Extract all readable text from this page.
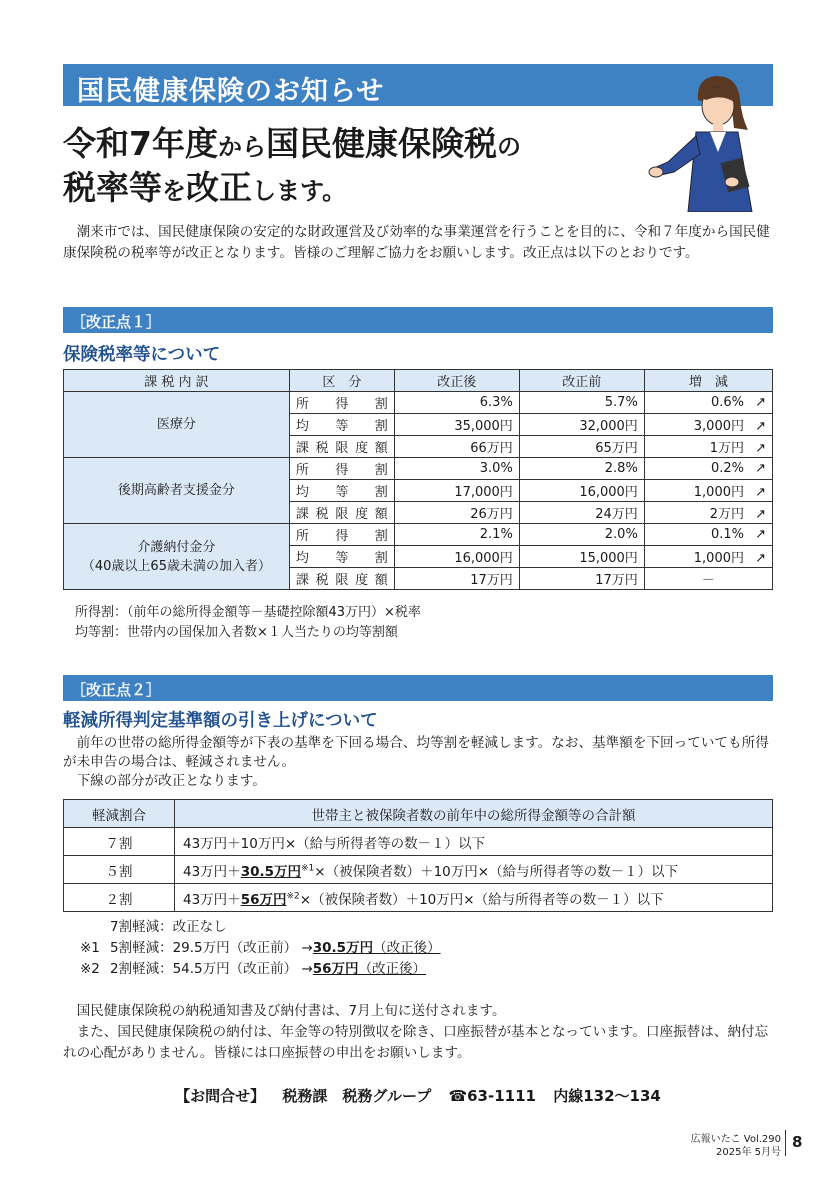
国民健康保険のお知らせ
令和7年度から国民健康保険税の
税率等を改正します。

潮来市では、国民健康保険の安定的な財政運営及び効率的な事業運営を行うことを目的に、令和７年度から国民健康保険税の税率等が改正となります。皆様のご理解ご協力をお願いします。改正点は以下のとおりです。

［改正点１］
保険税率等について
課 税 内 訳	区　分	改正後	改正前	増　減

医療分	所得割	6.3%	5.7%	0.6% ↗
	均等割	35,000円	32,000円	3,000円 ↗
	課税限度額	66万円	65万円	1万円 ↗

後期高齢者支援金分	所得割	3.0%	2.8%	0.2% ↗
	均等割	17,000円	16,000円	1,000円 ↗
	課税限度額	26万円	24万円	2万円 ↗

介護納付金分
（40歳以上65歳未満の加入者）	所得割	2.1%	2.0%	0.1% ↗
	均等割	16,000円	15,000円	1,000円 ↗
	課税限度額	17万円	17万円	－
所得割：（前年の総所得金額等－基礎控除額43万円）×税率
均等割：世帯内の国保加入者数×１人当たりの均等割額
［改正点２］
軽減所得判定基準額の引き上げについて

前年の世帯の総所得金額等が下表の基準を下回る場合、均等割を軽減します。なお、基準額を下回っていても所得が未申告の場合は、軽減されません。

下線の部分が改正となります。

軽減割合	世帯主と被保険者数の前年中の総所得金額等の合計額
７割	43万円＋10万円×（給与所得者等の数－１）以下
５割	43万円＋30.5万円$^{※1}$×（被保険者数）＋10万円×（給与所得者等の数－１）以下
２割	43万円＋56万円$^{※2}$×（被保険者数）＋10万円×（給与所得者等の数－１）以下
7割軽減：改正なし
※1 5割軽減：29.5万円（改正前） → 30.5万円 （改正後）
※2 2割軽減：54.5万円（改正前） → 56万円 （改正後）

国民健康保険税の納税通知書及び納付書は、7月上旬に送付されます。

また、国民健康保険税の納付は、年金等の特別徴収を除き、口座振替が基本となっています。口座振替は、納付忘れの心配がありません。皆様には口座振替の申出をお願いします。

【お問合せ】 税務課　税務グループ ☎63-1111 内線132～134
広報いたこ Vol.290
2025年 5月号
8
